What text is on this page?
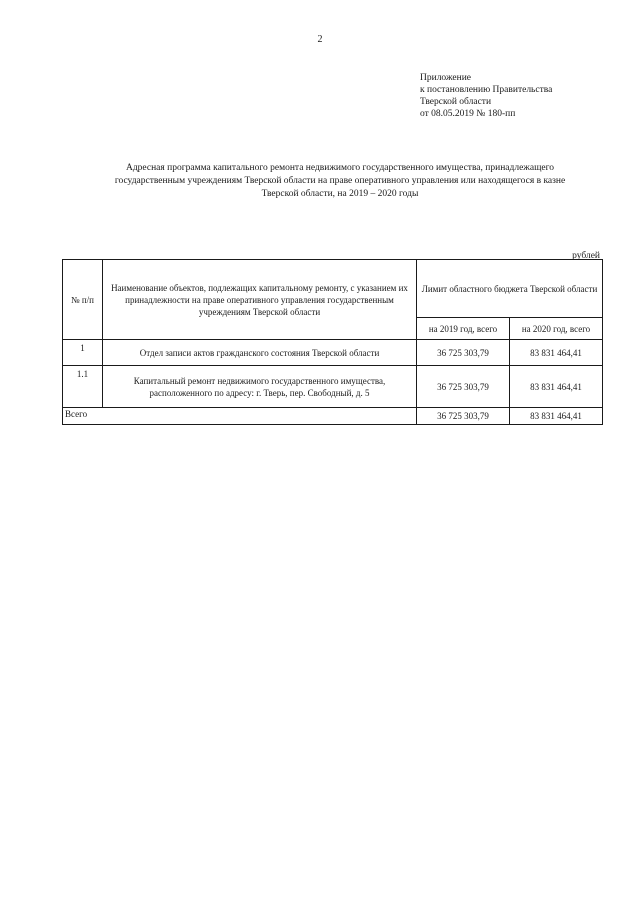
2
Приложение
к постановлению Правительства
Тверской области
от 08.05.2019 № 180-пп
Адресная программа капитального ремонта недвижимого государственного имущества, принадлежащего
государственным учреждениям Тверской области на праве оперативного управления или находящегося в казне
Тверской области, на 2019 – 2020 годы
рублей
№ п/п	Наименование объектов, подлежащих капитальному ремонту, с указанием их принадлежности на праве оперативного управления государственным учреждениям Тверской области	Лимит областного бюджета Тверской области	
		на 2019 год, всего	на 2020 год, всего
1	Отдел записи актов гражданского состояния Тверской области	36 725 303,79	83 831 464,41
1.1	Капитальный ремонт недвижимого государственного имущества, расположенного по адресу: г. Тверь, пер. Свободный, д. 5	36 725 303,79	83 831 464,41
Всего		36 725 303,79	83 831 464,41
